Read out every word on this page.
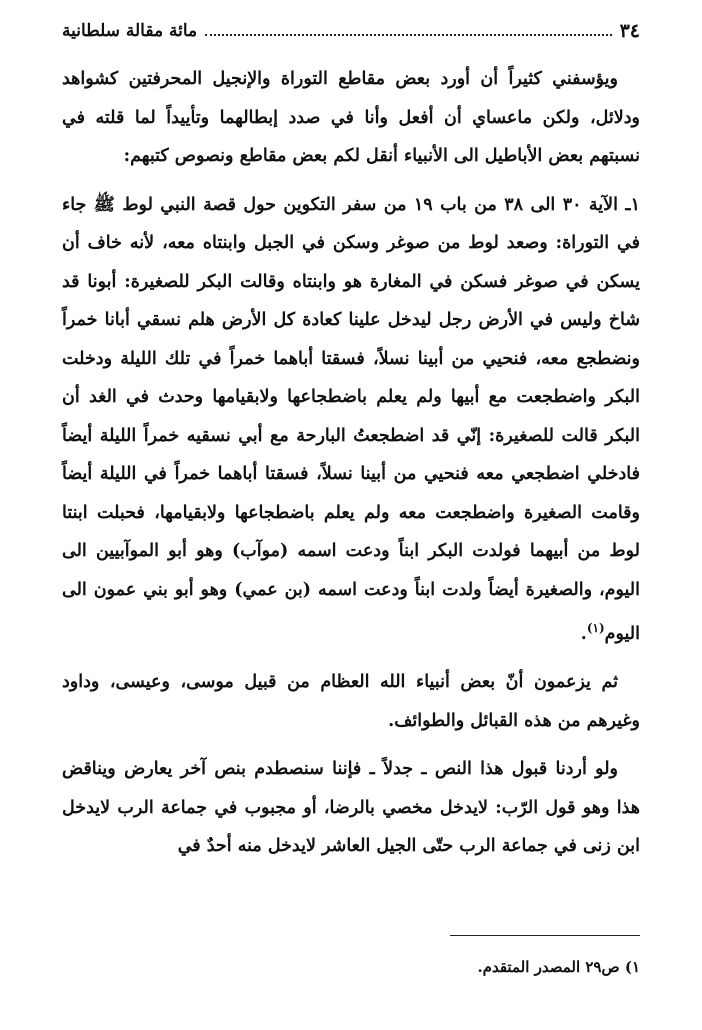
٣٤
مائة مقالة سلطانية

ويؤسفني كثيراً أن أورد بعض مقاطع التوراة والإنجيل المحرفتين كشواهد ودلائل، ولكن ماعساي أن أفعل وأنا في صدد إبطالهما وتأييداً لما قلته في نسبتهم بعض الأباطيل الى الأنبياء أنقل لكم بعض مقاطع ونصوص كتبهم:

١ـ الآية ٣٠ الى ٣٨ من باب ١٩ من سفر التكوين حول قصة النبي لوط ﷺ جاء في التوراة: وصعد لوط من صوغر وسكن في الجبل وابنتاه معه، لأنه خاف أن يسكن في صوغر فسكن في المغارة هو وابنتاه وقالت البكر للصغيرة: أبونا قد شاخ وليس في الأرض رجل ليدخل علينا كعادة كل الأرض هلم نسقي أبانا خمراً ونضطجع معه، فنحيي من أبينا نسلاً، فسقتا أباهما خمراً في تلك الليلة ودخلت البكر واضطجعت مع أبيها ولم يعلم باضطجاعها ولابقيامها وحدث في الغد أن البكر قالت للصغيرة: إنّي قد اضطجعتُ البارحة مع أبي نسقيه خمراً الليلة أيضاً فادخلي اضطجعي معه فنحيي من أبينا نسلاً، فسقتا أباهما خمراً في الليلة أيضاً وقامت الصغيرة واضطجعت معه ولم يعلم باضطجاعها ولابقيامها، فحبلت ابنتا لوط من أبيهما فولدت البكر ابناً ودعت اسمه (موآب) وهو أبو الموآبيين الى اليوم، والصغيرة أيضاً ولدت ابناً ودعت اسمه (بن عمي) وهو أبو بني عمون الى اليوم$^{(١)}$.

ثم يزعمون أنّ بعض أنبياء الله العظام من قبيل موسى، وعيسى، وداود وغيرهم من هذه القبائل والطوائف.

ولو أردنا قبول هذا النص ـ جدلاً ـ فإننا سنصطدم بنص آخر يعارض ويناقض هذا وهو قول الرّب: لايدخل مخصي بالرضا، أو مجبوب في جماعة الرب لايدخل ابن زنى في جماعة الرب حتّى الجيل العاشر لايدخل منه أحدٌ في

١) ص٢٩ المصدر المتقدم.
